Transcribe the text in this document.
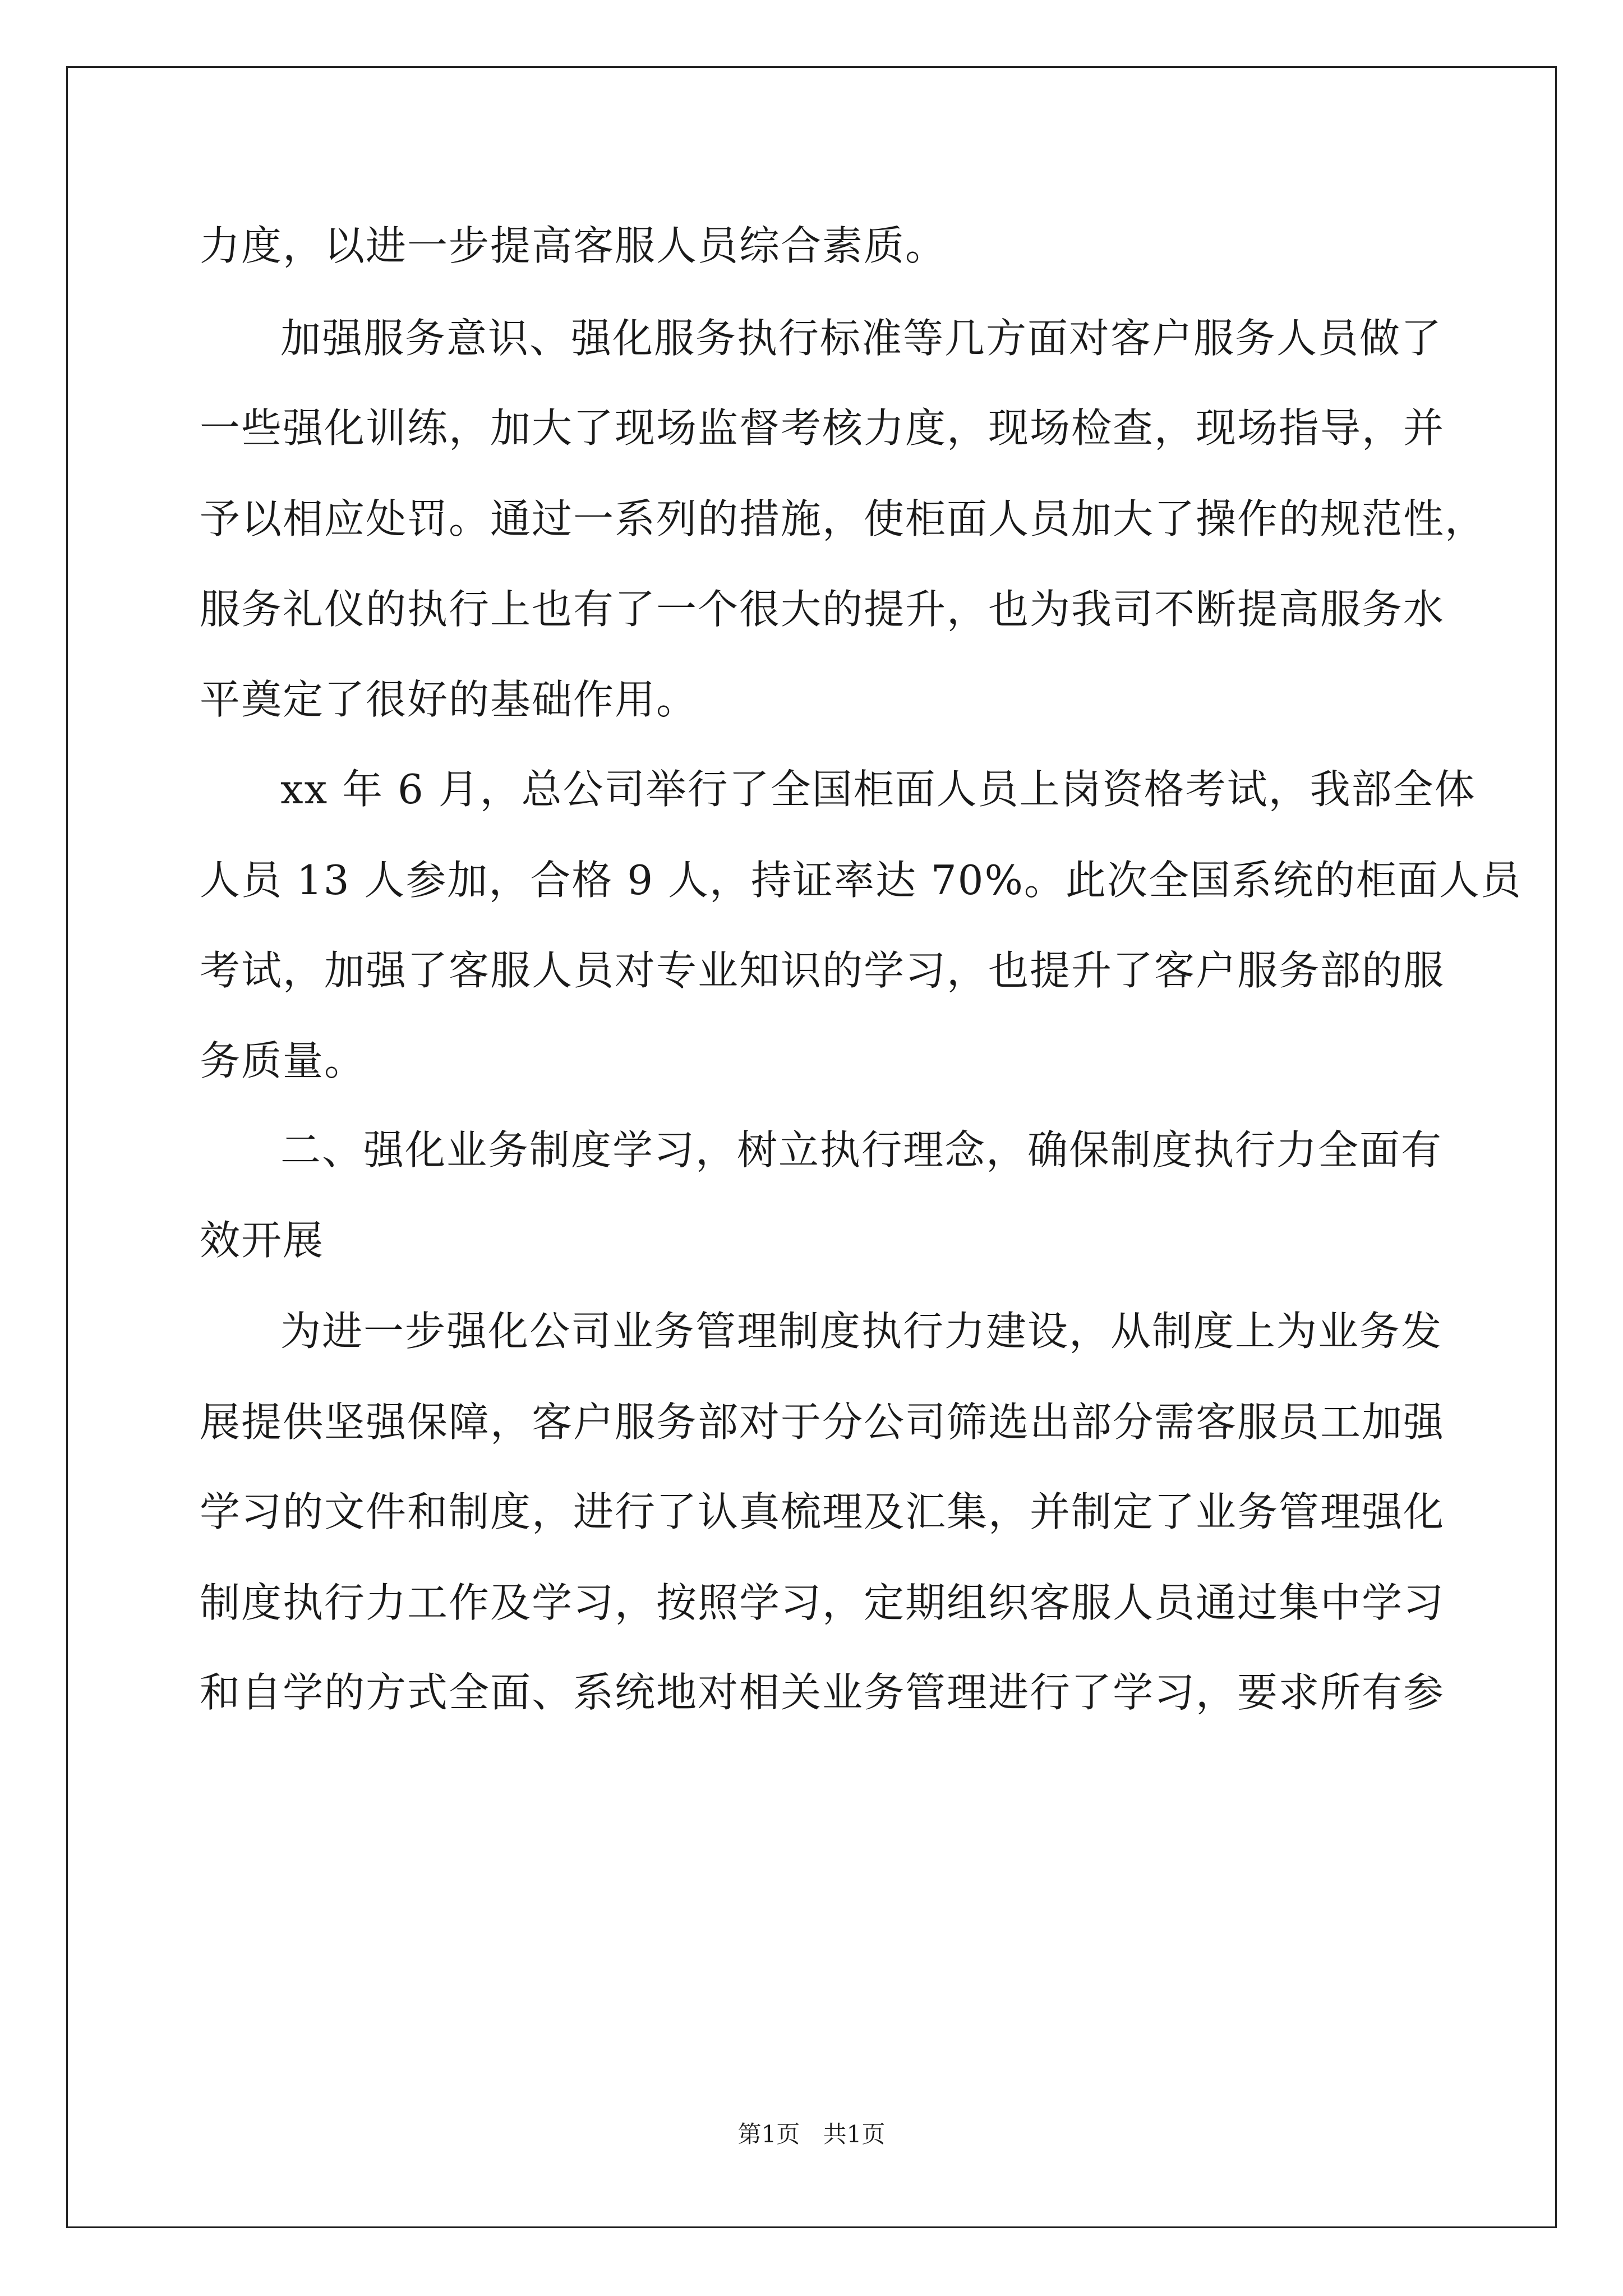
力度，以进一步提高客服人员综合素质。
加强服务意识、强化服务执行标准等几方面对客户服务人员做了
一些强化训练，加大了现场监督考核力度，现场检查，现场指导，并
予以相应处罚。通过一系列的措施，使柜面人员加大了操作的规范性，
服务礼仪的执行上也有了一个很大的提升，也为我司不断提高服务水
平奠定了很好的基础作用。
xx 年 6 月，总公司举行了全国柜面人员上岗资格考试，我部全体
人员 13 人参加，合格 9 人，持证率达 70%。此次全国系统的柜面人员
考试，加强了客服人员对专业知识的学习，也提升了客户服务部的服
务质量。
二、强化业务制度学习，树立执行理念，确保制度执行力全面有
效开展
为进一步强化公司业务管理制度执行力建设，从制度上为业务发
展提供坚强保障，客户服务部对于分公司筛选出部分需客服员工加强
学习的文件和制度，进行了认真梳理及汇集，并制定了业务管理强化
制度执行力工作及学习，按照学习，定期组织客服人员通过集中学习
和自学的方式全面、系统地对相关业务管理进行了学习，要求所有参
第1页 共1页
